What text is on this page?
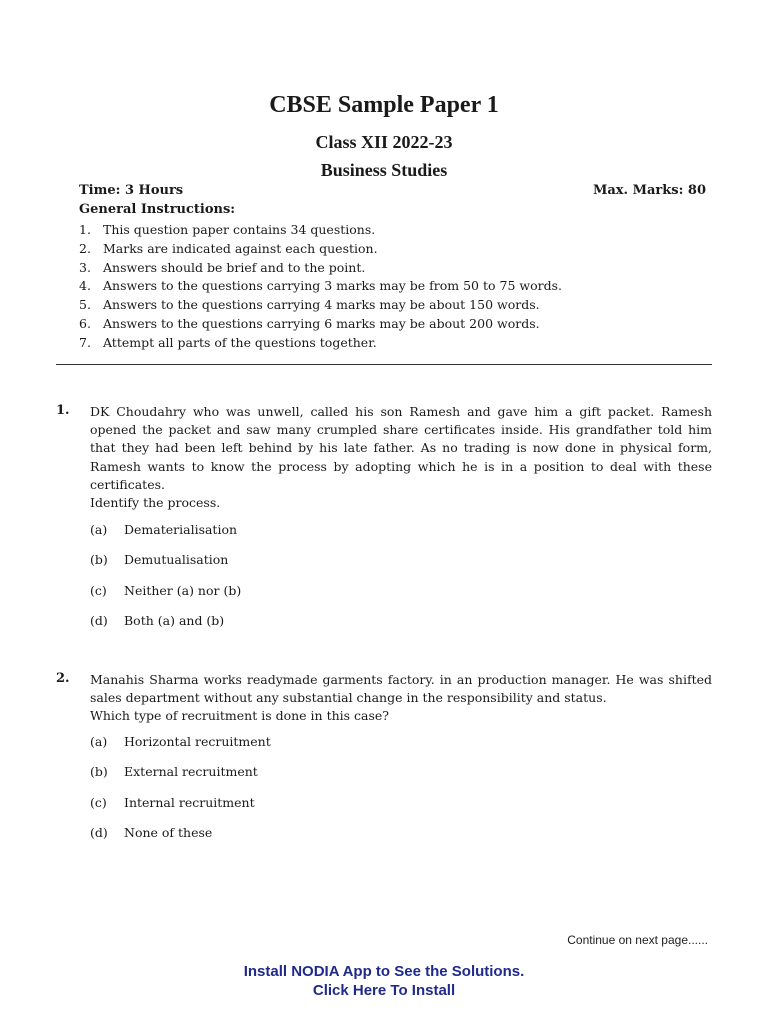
CBSE Sample Paper 1
Class XII 2022-23
Business Studies
Time: 3 Hours	Max. Marks: 80
General Instructions:
1. This question paper contains 34 questions.
2. Marks are indicated against each question.
3. Answers should be brief and to the point.
4. Answers to the questions carrying 3 marks may be from 50 to 75 words.
5. Answers to the questions carrying 4 marks may be about 150 words.
6. Answers to the questions carrying 6 marks may be about 200 words.
7. Attempt all parts of the questions together.
1. DK Choudahry who was unwell, called his son Ramesh and gave him a gift packet. Ramesh opened the packet and saw many crumpled share certificates inside. His grandfather told him that they had been left behind by his late father. As no trading is now done in physical form, Ramesh wants to know the process by adopting which he is in a position to deal with these certificates.

Identify the process.

(a) Dematerialisation
(b) Demutualisation
(c) Neither (a) nor (b)
(d) Both (a) and (b)
2. Manahis Sharma works readymade garments factory. in an production manager. He was shifted sales department without any substantial change in the responsibility and status.

Which type of recruitment is done in this case?

(a) Horizontal recruitment
(b) External recruitment
(c) Internal recruitment
(d) None of these
Continue on next page......
Install NODIA App to See the Solutions.
Click Here To Install
